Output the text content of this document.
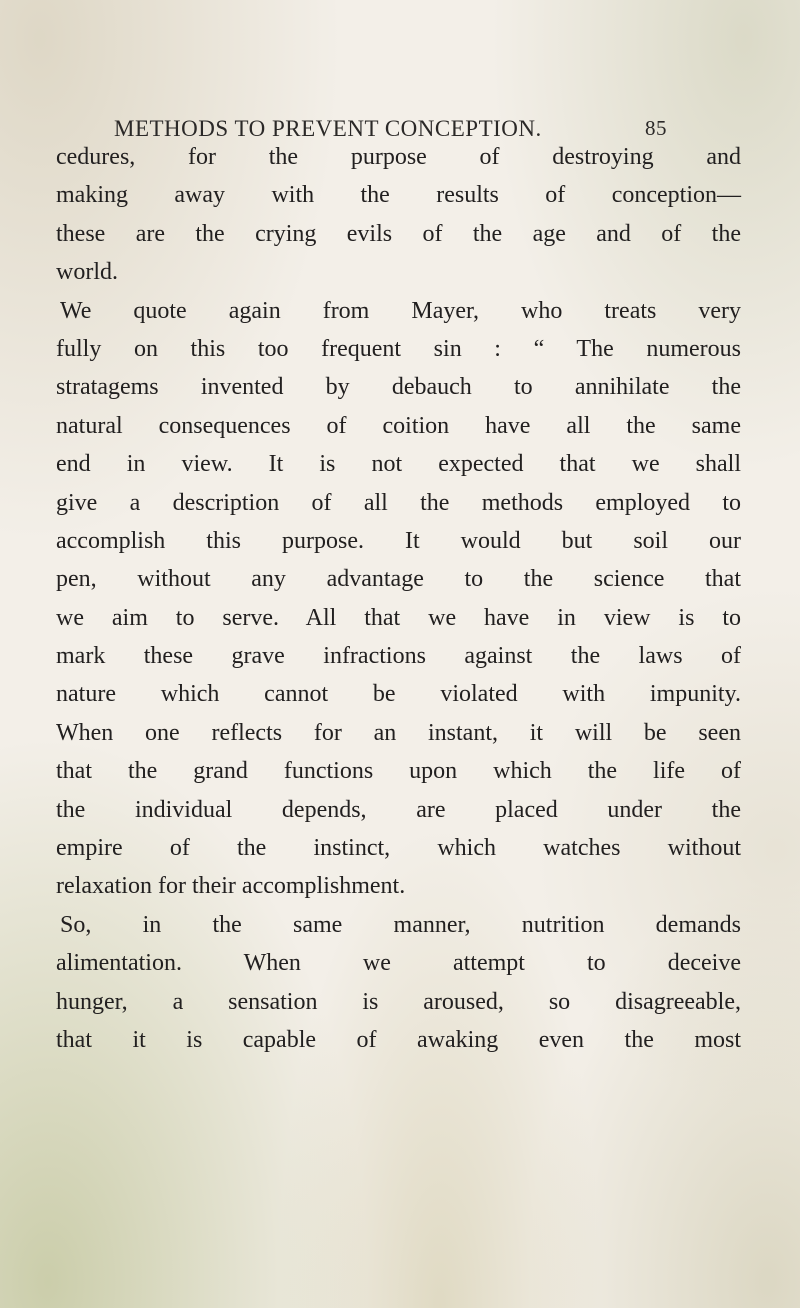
METHODS TO PREVENT CONCEPTION.	85
cedures, for the purpose of destroying and
making away with the results of conception—
these are the crying evils of the age and of the
world.
We quote again from Mayer, who treats very
fully on this too frequent sin : “ The numerous
stratagems invented by debauch to annihilate the
natural consequences of coition have all the same
end in view. It is not expected that we shall
give a description of all the methods employed to
accomplish this purpose. It would but soil our
pen, without any advantage to the science that
we aim to serve. All that we have in view is to
mark these grave infractions against the laws of
nature which cannot be violated with impunity.
When one reflects for an instant, it will be seen
that the grand functions upon which the life of
the individual depends, are placed under the
empire of the instinct, which watches without
relaxation for their accomplishment.
So, in the same manner, nutrition demands
alimentation. When we attempt to deceive
hunger, a sensation is aroused, so disagreeable,
that it is capable of awaking even the most
